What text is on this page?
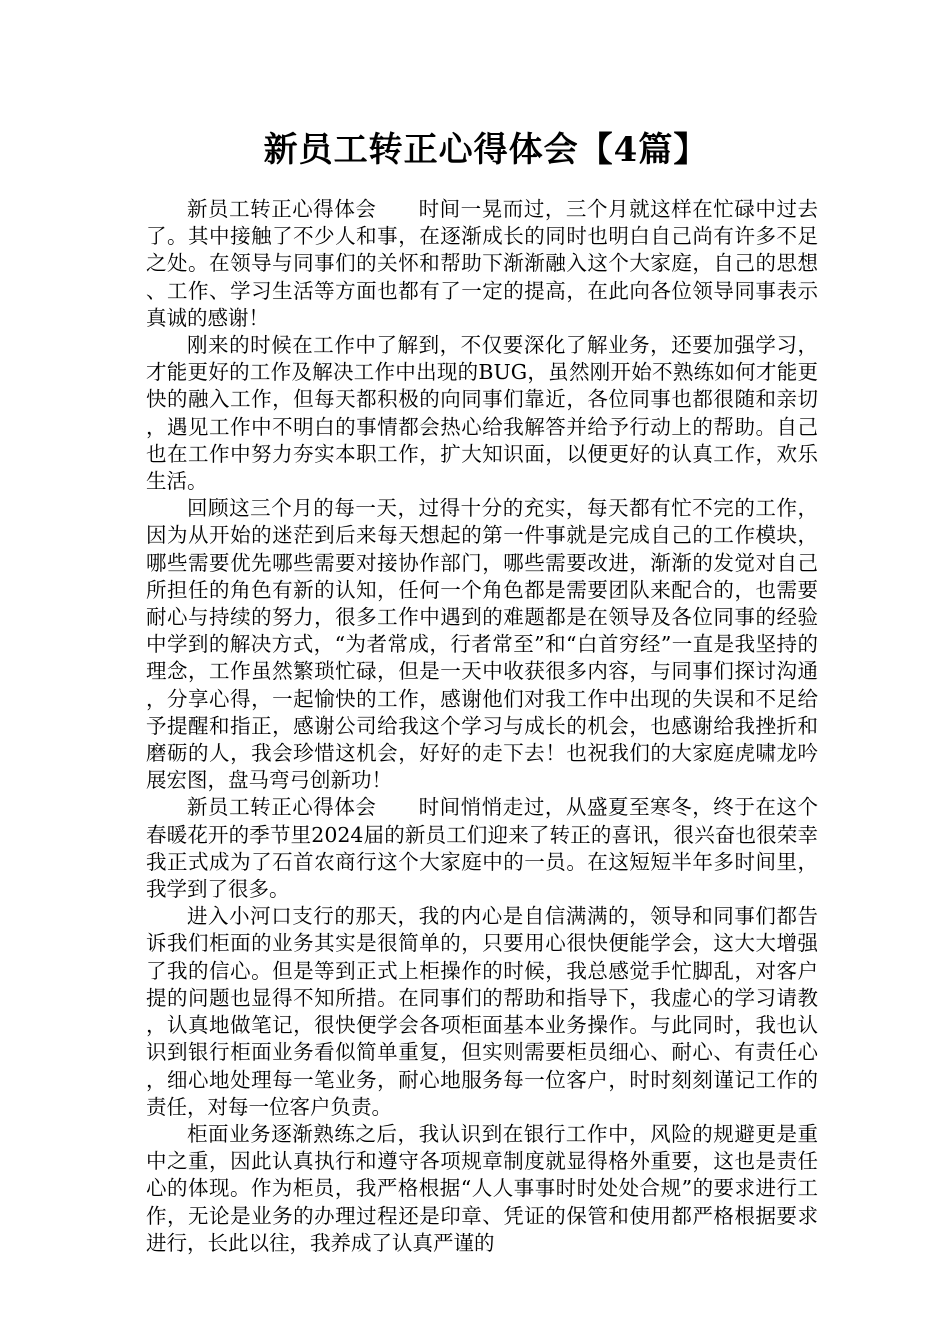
新员工转正心得体会【4篇】

新员工转正心得体会　　时间一晃而过，三个月就这样在忙碌中过去了。其中接触了不少人和事，在逐渐成长的同时也明白自己尚有许多不足之处。在领导与同事们的关怀和帮助下渐渐融入这个大家庭，自己的思想、工作、学习生活等方面也都有了一定的提高，在此向各位领导同事表示真诚的感谢！

刚来的时候在工作中了解到，不仅要深化了解业务，还要加强学习，才能更好的工作及解决工作中出现的BUG，虽然刚开始不熟练如何才能更快的融入工作，但每天都积极的向同事们靠近，各位同事也都很随和亲切，遇见工作中不明白的事情都会热心给我解答并给予行动上的帮助。自己也在工作中努力夯实本职工作，扩大知识面，以便更好的认真工作，欢乐生活。

回顾这三个月的每一天，过得十分的充实，每天都有忙不完的工作，因为从开始的迷茫到后来每天想起的第一件事就是完成自己的工作模块，哪些需要优先哪些需要对接协作部门，哪些需要改进，渐渐的发觉对自己所担任的角色有新的认知，任何一个角色都是需要团队来配合的，也需要耐心与持续的努力，很多工作中遇到的难题都是在领导及各位同事的经验中学到的解决方式，“为者常成，行者常至”和“白首穷经”一直是我坚持的理念，工作虽然繁琐忙碌，但是一天中收获很多内容，与同事们探讨沟通，分享心得，一起愉快的工作，感谢他们对我工作中出现的失误和不足给予提醒和指正，感谢公司给我这个学习与成长的机会，也感谢给我挫折和磨砺的人，我会珍惜这机会，好好的走下去！也祝我们的大家庭虎啸龙吟展宏图，盘马弯弓创新功！

新员工转正心得体会　　时间悄悄走过，从盛夏至寒冬，终于在这个春暖花开的季节里2024届的新员工们迎来了转正的喜讯，很兴奋也很荣幸我正式成为了石首农商行这个大家庭中的一员。在这短短半年多时间里，我学到了很多。

进入小河口支行的那天，我的内心是自信满满的，领导和同事们都告诉我们柜面的业务其实是很简单的，只要用心很快便能学会，这大大增强了我的信心。但是等到正式上柜操作的时候，我总感觉手忙脚乱，对客户提的问题也显得不知所措。在同事们的帮助和指导下，我虚心的学习请教，认真地做笔记，很快便学会各项柜面基本业务操作。与此同时，我也认识到银行柜面业务看似简单重复，但实则需要柜员细心、耐心、有责任心，细心地处理每一笔业务，耐心地服务每一位客户，时时刻刻谨记工作的责任，对每一位客户负责。

柜面业务逐渐熟练之后，我认识到在银行工作中，风险的规避更是重中之重，因此认真执行和遵守各项规章制度就显得格外重要，这也是责任心的体现。作为柜员，我严格根据“人人事事时时处处合规”的要求进行工作，无论是业务的办理过程还是印章、凭证的保管和使用都严格根据要求进行，长此以往，我养成了认真严谨的
